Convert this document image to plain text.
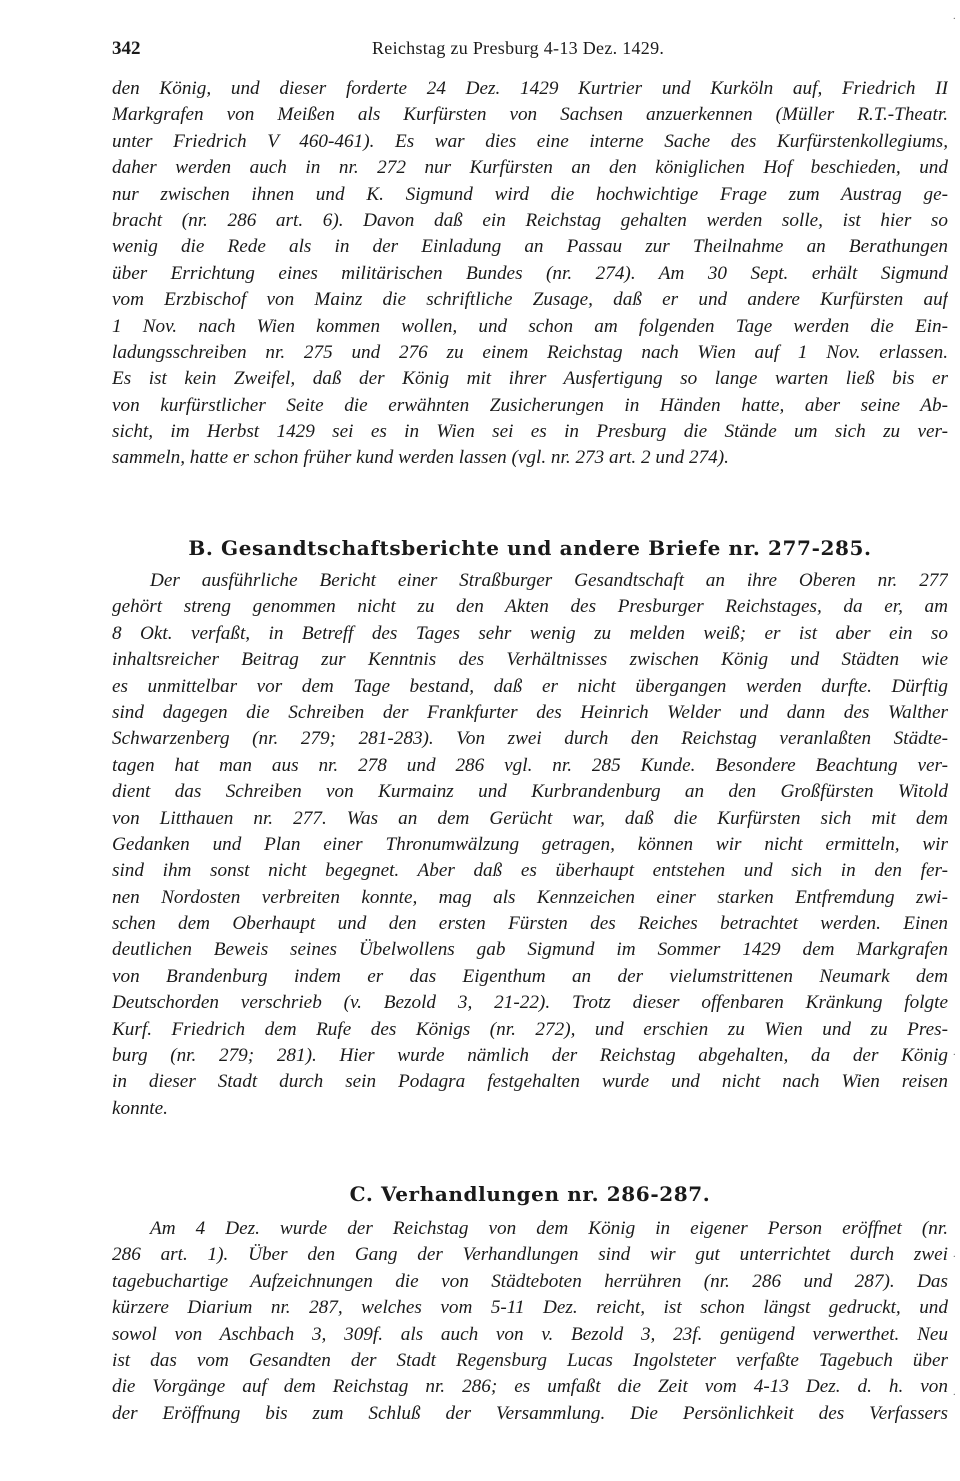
342	Reichstag zu Presburg 4-13 Dez. 1429.
den König, und dieser forderte 24 Dez. 1429 Kurtrier und Kurköln auf, Friedrich II
Markgrafen von Meißen als Kurfürsten von Sachsen anzuerkennen (Müller R.T.-Theatr.
unter Friedrich V 460-461). Es war dies eine interne Sache des Kurfürstenkollegiums,
daher werden auch in nr. 272 nur Kurfürsten an den königlichen Hof beschieden, und
nur zwischen ihnen und K. Sigmund wird die hochwichtige Frage zum Austrag ge-
bracht (nr. 286 art. 6). Davon daß ein Reichstag gehalten werden solle, ist hier so
wenig die Rede als in der Einladung an Passau zur Theilnahme an Berathungen
über Errichtung eines militärischen Bundes (nr. 274). Am 30 Sept. erhält Sigmund
vom Erzbischof von Mainz die schriftliche Zusage, daß er und andere Kurfürsten auf
1 Nov. nach Wien kommen wollen, und schon am folgenden Tage werden die Ein-
ladungsschreiben nr. 275 und 276 zu einem Reichstag nach Wien auf 1 Nov. erlassen.
Es ist kein Zweifel, daß der König mit ihrer Ausfertigung so lange warten ließ bis er
von kurfürstlicher Seite die erwähnten Zusicherungen in Händen hatte, aber seine Ab-
sicht, im Herbst 1429 sei es in Wien sei es in Presburg die Stände um sich zu ver-
sammeln, hatte er schon früher kund werden lassen (vgl. nr. 273 art. 2 und 274).
B. Gesandtschaftsberichte und andere Briefe nr. 277-285.
Der ausführliche Bericht einer Straßburger Gesandtschaft an ihre Oberen nr. 277
gehört streng genommen nicht zu den Akten des Presburger Reichstages, da er, am
8 Okt. verfaßt, in Betreff des Tages sehr wenig zu melden weiß; er ist aber ein so
inhaltsreicher Beitrag zur Kenntnis des Verhältnisses zwischen König und Städten wie
es unmittelbar vor dem Tage bestand, daß er nicht übergangen werden durfte. Dürftig
sind dagegen die Schreiben der Frankfurter des Heinrich Welder und dann des Walther
Schwarzenberg (nr. 279; 281-283). Von zwei durch den Reichstag veranlaßten Städte-
tagen hat man aus nr. 278 und 286 vgl. nr. 285 Kunde. Besondere Beachtung ver-
dient das Schreiben von Kurmainz und Kurbrandenburg an den Großfürsten Witold
von Litthauen nr. 277. Was an dem Gerücht war, daß die Kurfürsten sich mit dem
Gedanken und Plan einer Thronumwälzung getragen, können wir nicht ermitteln, wir
sind ihm sonst nicht begegnet. Aber daß es überhaupt entstehen und sich in den fer-
nen Nordosten verbreiten konnte, mag als Kennzeichen einer starken Entfremdung zwi-
schen dem Oberhaupt und den ersten Fürsten des Reiches betrachtet werden. Einen
deutlichen Beweis seines Übelwollens gab Sigmund im Sommer 1429 dem Markgrafen
von Brandenburg indem er das Eigenthum an der vielumstrittenen Neumark dem
Deutschorden verschrieb (v. Bezold 3, 21-22). Trotz dieser offenbaren Kränkung folgte
Kurf. Friedrich dem Rufe des Königs (nr. 272), und erschien zu Wien und zu Pres-
burg (nr. 279; 281). Hier wurde nämlich der Reichstag abgehalten, da der König
in dieser Stadt durch sein Podagra festgehalten wurde und nicht nach Wien reisen
konnte.
C. Verhandlungen nr. 286-287.
Am 4 Dez. wurde der Reichstag von dem König in eigener Person eröffnet (nr.
286 art. 1). Über den Gang der Verhandlungen sind wir gut unterrichtet durch zwei
tagebuchartige Aufzeichnungen die von Städteboten herrühren (nr. 286 und 287). Das
kürzere Diarium nr. 287, welches vom 5-11 Dez. reicht, ist schon längst gedruckt, und
sowol von Aschbach 3, 309f. als auch von v. Bezold 3, 23f. genügend verwerthet. Neu
ist das vom Gesandten der Stadt Regensburg Lucas Ingolsteter verfaßte Tagebuch über
die Vorgänge auf dem Reichstag nr. 286; es umfaßt die Zeit vom 4-13 Dez. d. h. von
der Eröffnung bis zum Schluß der Versammlung. Die Persönlichkeit des Verfassers
·
·
·
·
